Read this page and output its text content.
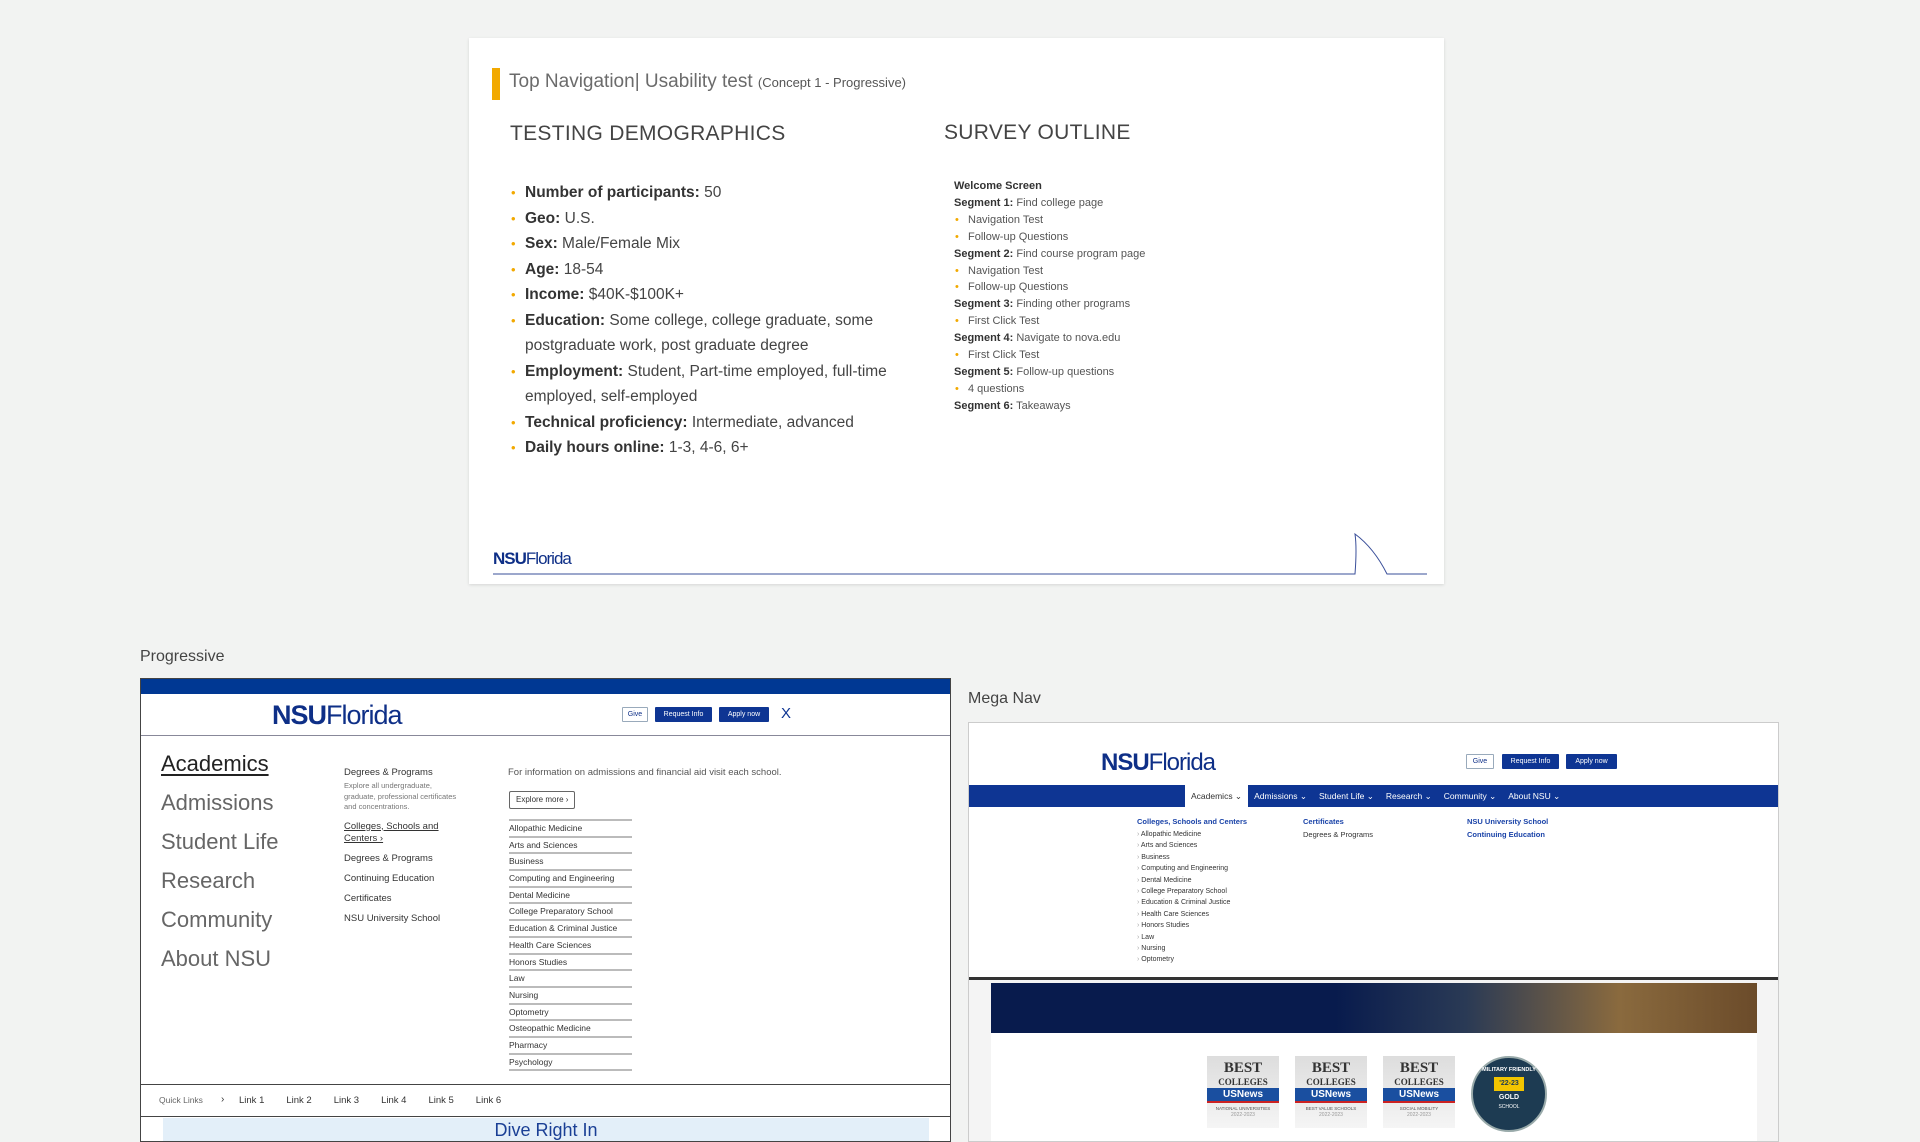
Top Navigation| Usability test (Concept 1 - Progressive)
TESTING DEMOGRAPHICS
• Number of participants: 50
• Geo: U.S.
• Sex: Male/Female Mix
• Age: 18-54
• Income: $40K-$100K+
• Education: Some college, college graduate, some postgraduate work, post graduate degree
• Employment: Student, Part-time employed, full-time employed, self-employed
• Technical proficiency: Intermediate, advanced
• Daily hours online: 1-3, 4-6, 6+
SURVEY OUTLINE
Welcome Screen
Segment 1: Find college page
• Navigation Test
• Follow-up Questions
Segment 2: Find course program page
• Navigation Test
• Follow-up Questions
Segment 3: Finding other programs
• First Click Test
Segment 4: Navigate to nova.edu
• First Click Test
Segment 5: Follow-up questions
• 4 questions
Segment 6: Takeaways
NSUFlorida
Progressive
NSUFlorida	Give	Request Info	Apply now	X
Academics
Admissions
Student Life
Research
Community
About NSU
Degrees & Programs
Explore all undergraduate, graduate, professional certificates and concentrations.
Colleges, Schools and Centers ›
Degrees & Programs
Continuing Education
Certificates
NSU University School
For information on admissions and financial aid visit each school.
Explore more ›
Allopathic Medicine
Arts and Sciences
Business
Computing and Engineering
Dental Medicine
College Preparatory School
Education & Criminal Justice
Health Care Sciences
Honors Studies
Law
Nursing
Optometry
Osteopathic Medicine
Pharmacy
Psychology
Quick Links › Link 1 Link 2 Link 3 Link 4 Link 5 Link 6
Dive Right In
Mega Nav
NSUFlorida	Give	Request Info	Apply now
Academics ⌄ Admissions ⌄ Student Life ⌄ Research ⌄ Community ⌄ About NSU ⌄
Colleges, Schools and Centers
› Allopathic Medicine
› Arts and Sciences
› Business
› Computing and Engineering
› Dental Medicine
› College Preparatory School
› Education & Criminal Justice
› Health Care Sciences
› Honors Studies
› Law
› Nursing
› Optometry
Certificates
Degrees & Programs
NSU University School
Continuing Education
MILITARY FRIENDLY
'22-23
GOLD
SCHOOL
BEST
COLLEGES
USNews
NATIONAL UNIVERSITIES
2022-2023
BEST
COLLEGES
USNews
BEST VALUE SCHOOLS
2022-2023
BEST
COLLEGES
USNews
SOCIAL MOBILITY
2022-2023
